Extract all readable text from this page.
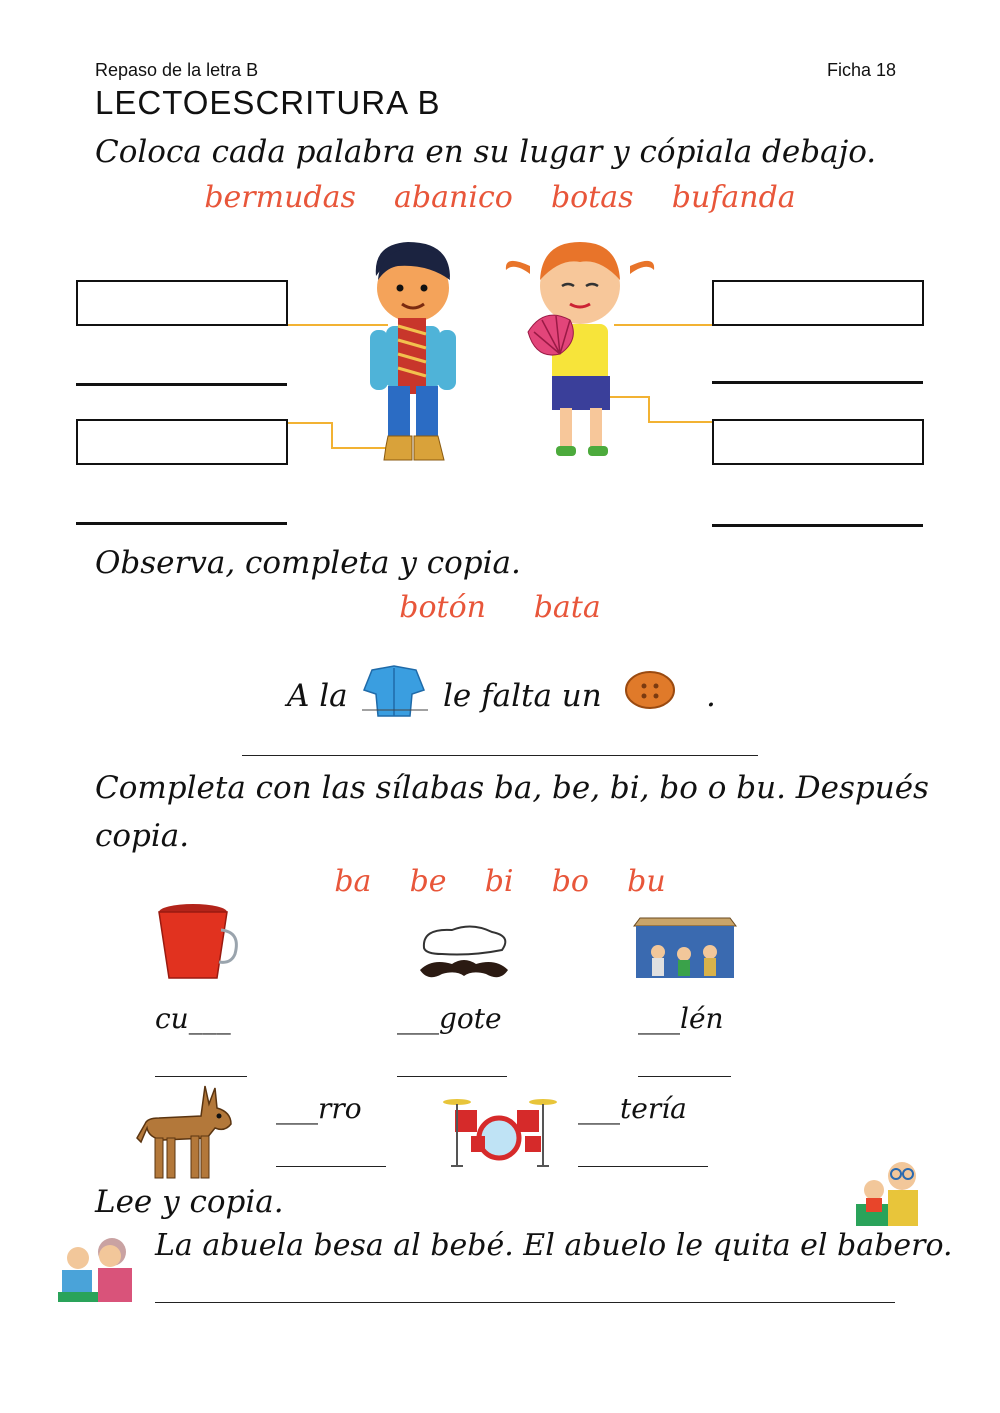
Repaso de la letra B	Ficha 18
LECTOESCRITURA B
Coloca cada palabra en su lugar y cópiala debajo.
bermudas abanico botas bufanda
Observa, completa y copia.
botón bata
A la	le falta un	.
Completa con las sílabas ba, be, bi, bo o bu. Después
copia.
ba be bi bo bu
cu___	___gote	___lén
___rro	___tería
Lee y copia.
La abuela besa al bebé. El abuelo le quita el babero.
